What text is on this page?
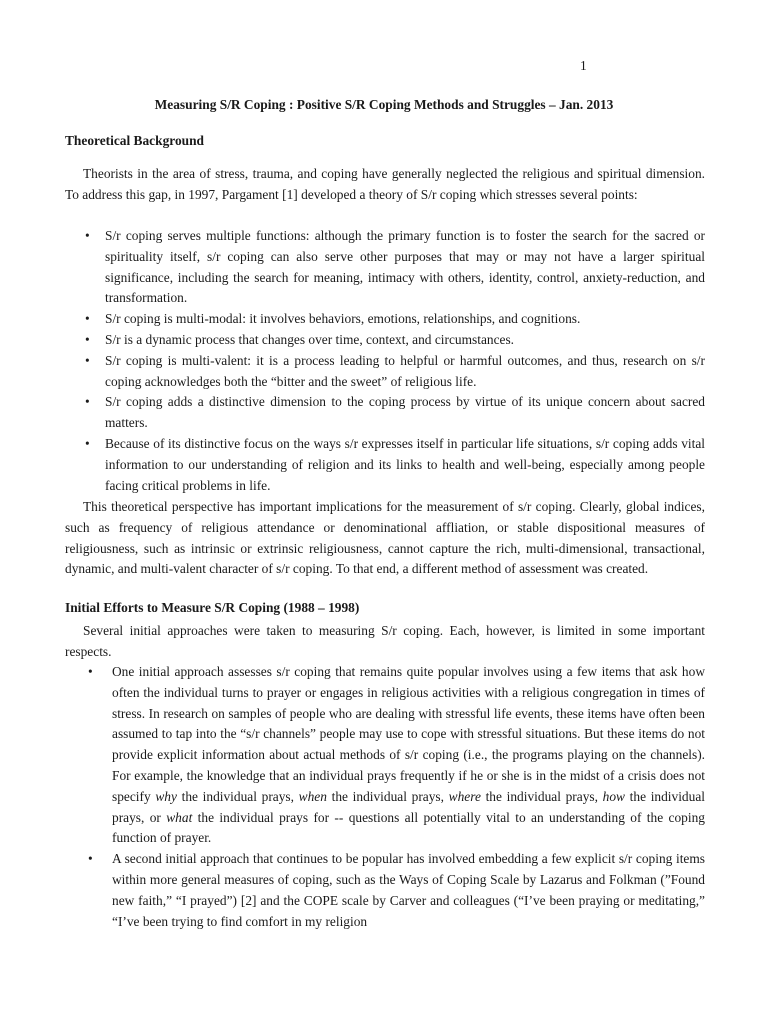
1
Measuring S/R Coping : Positive S/R Coping Methods and Struggles – Jan. 2013
Theoretical Background

Theorists in the area of stress, trauma, and coping have generally neglected the religious and spiritual dimension. To address this gap, in 1997, Pargament [1] developed a theory of S/r coping which stresses several points:

• S/r coping serves multiple functions: although the primary function is to foster the search for the sacred or spirituality itself, s/r coping can also serve other purposes that may or may not have a larger spiritual significance, including the search for meaning, intimacy with others, identity, control, anxiety-reduction, and transformation.
• S/r coping is multi-modal: it involves behaviors, emotions, relationships, and cognitions.
• S/r is a dynamic process that changes over time, context, and circumstances.
• S/r coping is multi-valent: it is a process leading to helpful or harmful outcomes, and thus, research on s/r coping acknowledges both the “bitter and the sweet” of religious life.
• S/r coping adds a distinctive dimension to the coping process by virtue of its unique concern about sacred matters.
• Because of its distinctive focus on the ways s/r expresses itself in particular life situations, s/r coping adds vital information to our understanding of religion and its links to health and well-being, especially among people facing critical problems in life.

This theoretical perspective has important implications for the measurement of s/r coping. Clearly, global indices, such as frequency of religious attendance or denominational affliation, or stable dispositional measures of religiousness, such as intrinsic or extrinsic religiousness, cannot capture the rich, multi-dimensional, transactional, dynamic, and multi-valent character of s/r coping. To that end, a different method of assessment was created.

Initial Efforts to Measure S/R Coping (1988 – 1998)

Several initial approaches were taken to measuring S/r coping. Each, however, is limited in some important respects.

• One initial approach assesses s/r coping that remains quite popular involves using a few items that ask how often the individual turns to prayer or engages in religious activities with a religious congregation in times of stress. In research on samples of people who are dealing with stressful life events, these items have often been assumed to tap into the “s/r channels” people may use to cope with stressful situations. But these items do not provide explicit information about actual methods of s/r coping (i.e., the programs playing on the channels). For example, the knowledge that an individual prays frequently if he or she is in the midst of a crisis does not specify why the individual prays, when the individual prays, where the individual prays, how the individual prays, or what the individual prays for -- questions all potentially vital to an understanding of the coping function of prayer.
• A second initial approach that continues to be popular has involved embedding a few explicit s/r coping items within more general measures of coping, such as the Ways of Coping Scale by Lazarus and Folkman (”Found new faith,” “I prayed”) [2] and the COPE scale by Carver and colleagues (“I’ve been praying or meditating,” “I’ve been trying to find comfort in my religion
